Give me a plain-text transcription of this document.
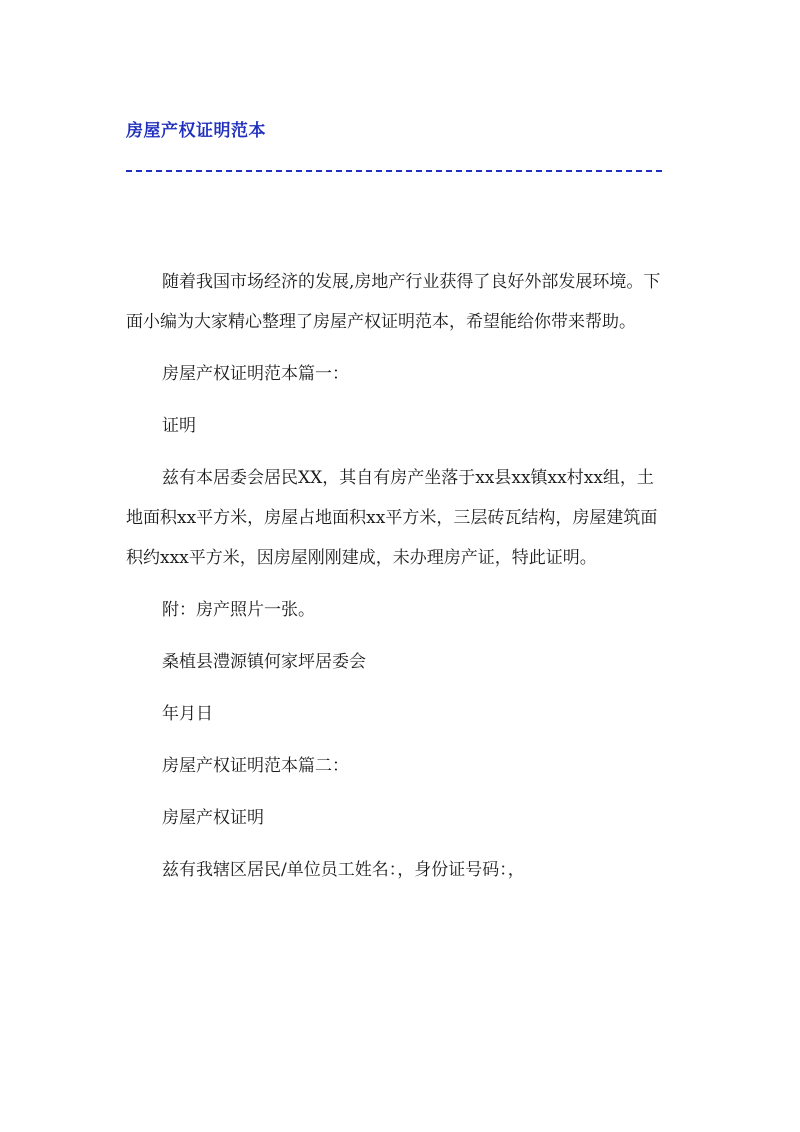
房屋产权证明范本

随着我国市场经济的发展,房地产行业获得了良好外部发展环境。下面小编为大家精心整理了房屋产权证明范本，希望能给你带来帮助。

房屋产权证明范本篇一：

证明

兹有本居委会居民XX，其自有房产坐落于xx县xx镇xx村xx组，土地面积xx平方米，房屋占地面积xx平方米，三层砖瓦结构，房屋建筑面积约xxx平方米，因房屋刚刚建成，未办理房产证，特此证明。

附：房产照片一张。

桑植县澧源镇何家坪居委会

年月日

房屋产权证明范本篇二：

房屋产权证明

兹有我辖区居民/单位员工姓名：，身份证号码：，
